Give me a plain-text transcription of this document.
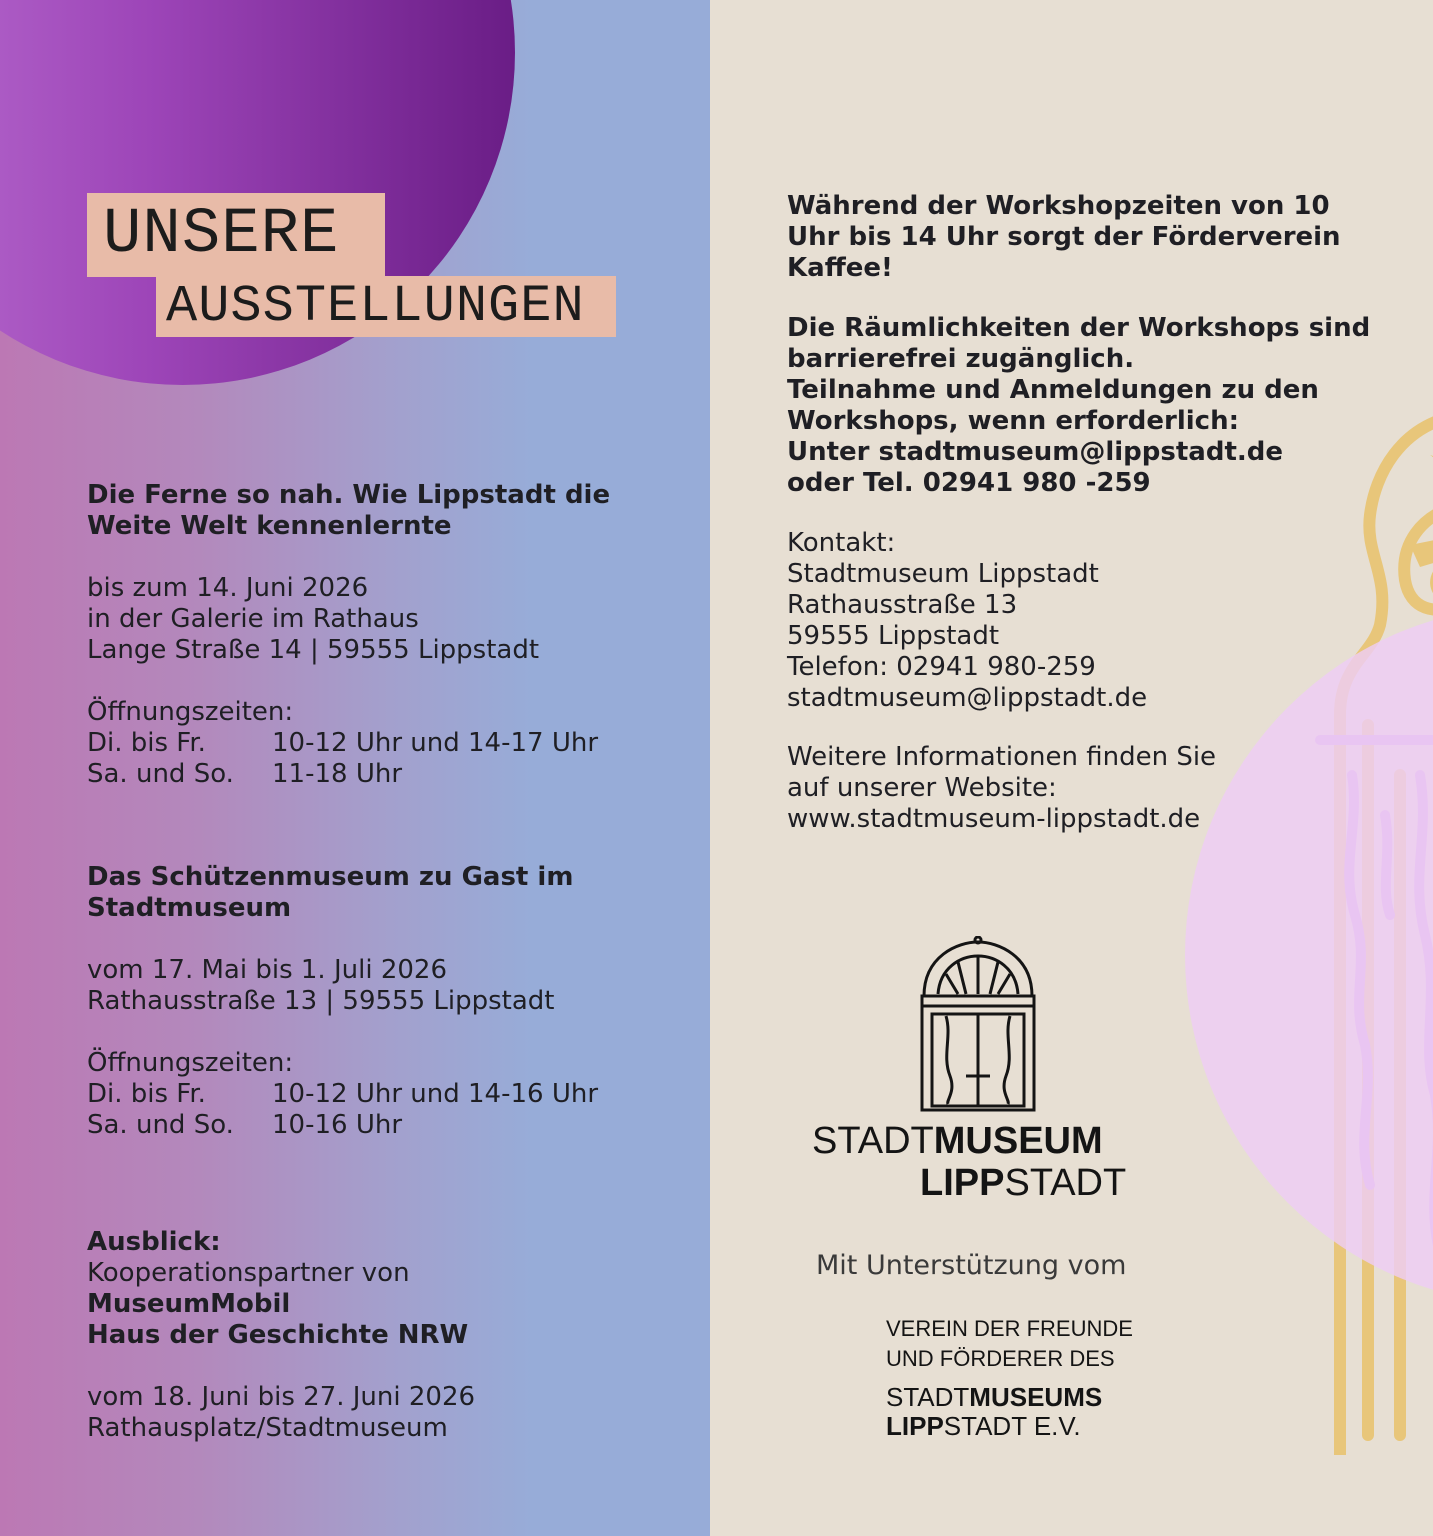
UNSERE
AUSSTELLUNGEN
Die Ferne so nah. Wie Lippstadt die
Weite Welt kennenlernte

bis zum 14. Juni 2026
in der Galerie im Rathaus
Lange Straße 14 | 59555 Lippstadt

Öffnungszeiten:
Di. bis Fr.	10-12 Uhr und 14-17 Uhr
Sa. und So. 11-18 Uhr
Das Schützenmuseum zu Gast im
Stadtmuseum

vom 17. Mai bis 1. Juli 2026
Rathausstraße 13 | 59555 Lippstadt

Öffnungszeiten:
Di. bis Fr.	10-12 Uhr und 14-16 Uhr
Sa. und So. 10-16 Uhr
Ausblick:
Kooperationspartner von
MuseumMobil
Haus der Geschichte NRW

vom 18. Juni bis 27. Juni 2026
Rathausplatz/Stadtmuseum
Während der Workshopzeiten von 10
Uhr bis 14 Uhr sorgt der Förderverein
Kaffee!
Die Räumlichkeiten der Workshops sind
barrierefrei zugänglich.
Teilnahme und Anmeldungen zu den
Workshops, wenn erforderlich:
Unter stadtmuseum@lippstadt.de
oder Tel. 02941 980 -259
Kontakt:
Stadtmuseum Lippstadt
Rathausstraße 13
59555 Lippstadt
Telefon: 02941 980-259
stadtmuseum@lippstadt.de
Weitere Informationen finden Sie
auf unserer Website:
www.stadtmuseum-lippstadt.de
STADTMUSEUM
LIPPSTADT
Mit Unterstützung vom
VEREIN DER FREUNDE
UND FÖRDERER DES
STADTMUSEUMS
LIPPSTADT E.V.
